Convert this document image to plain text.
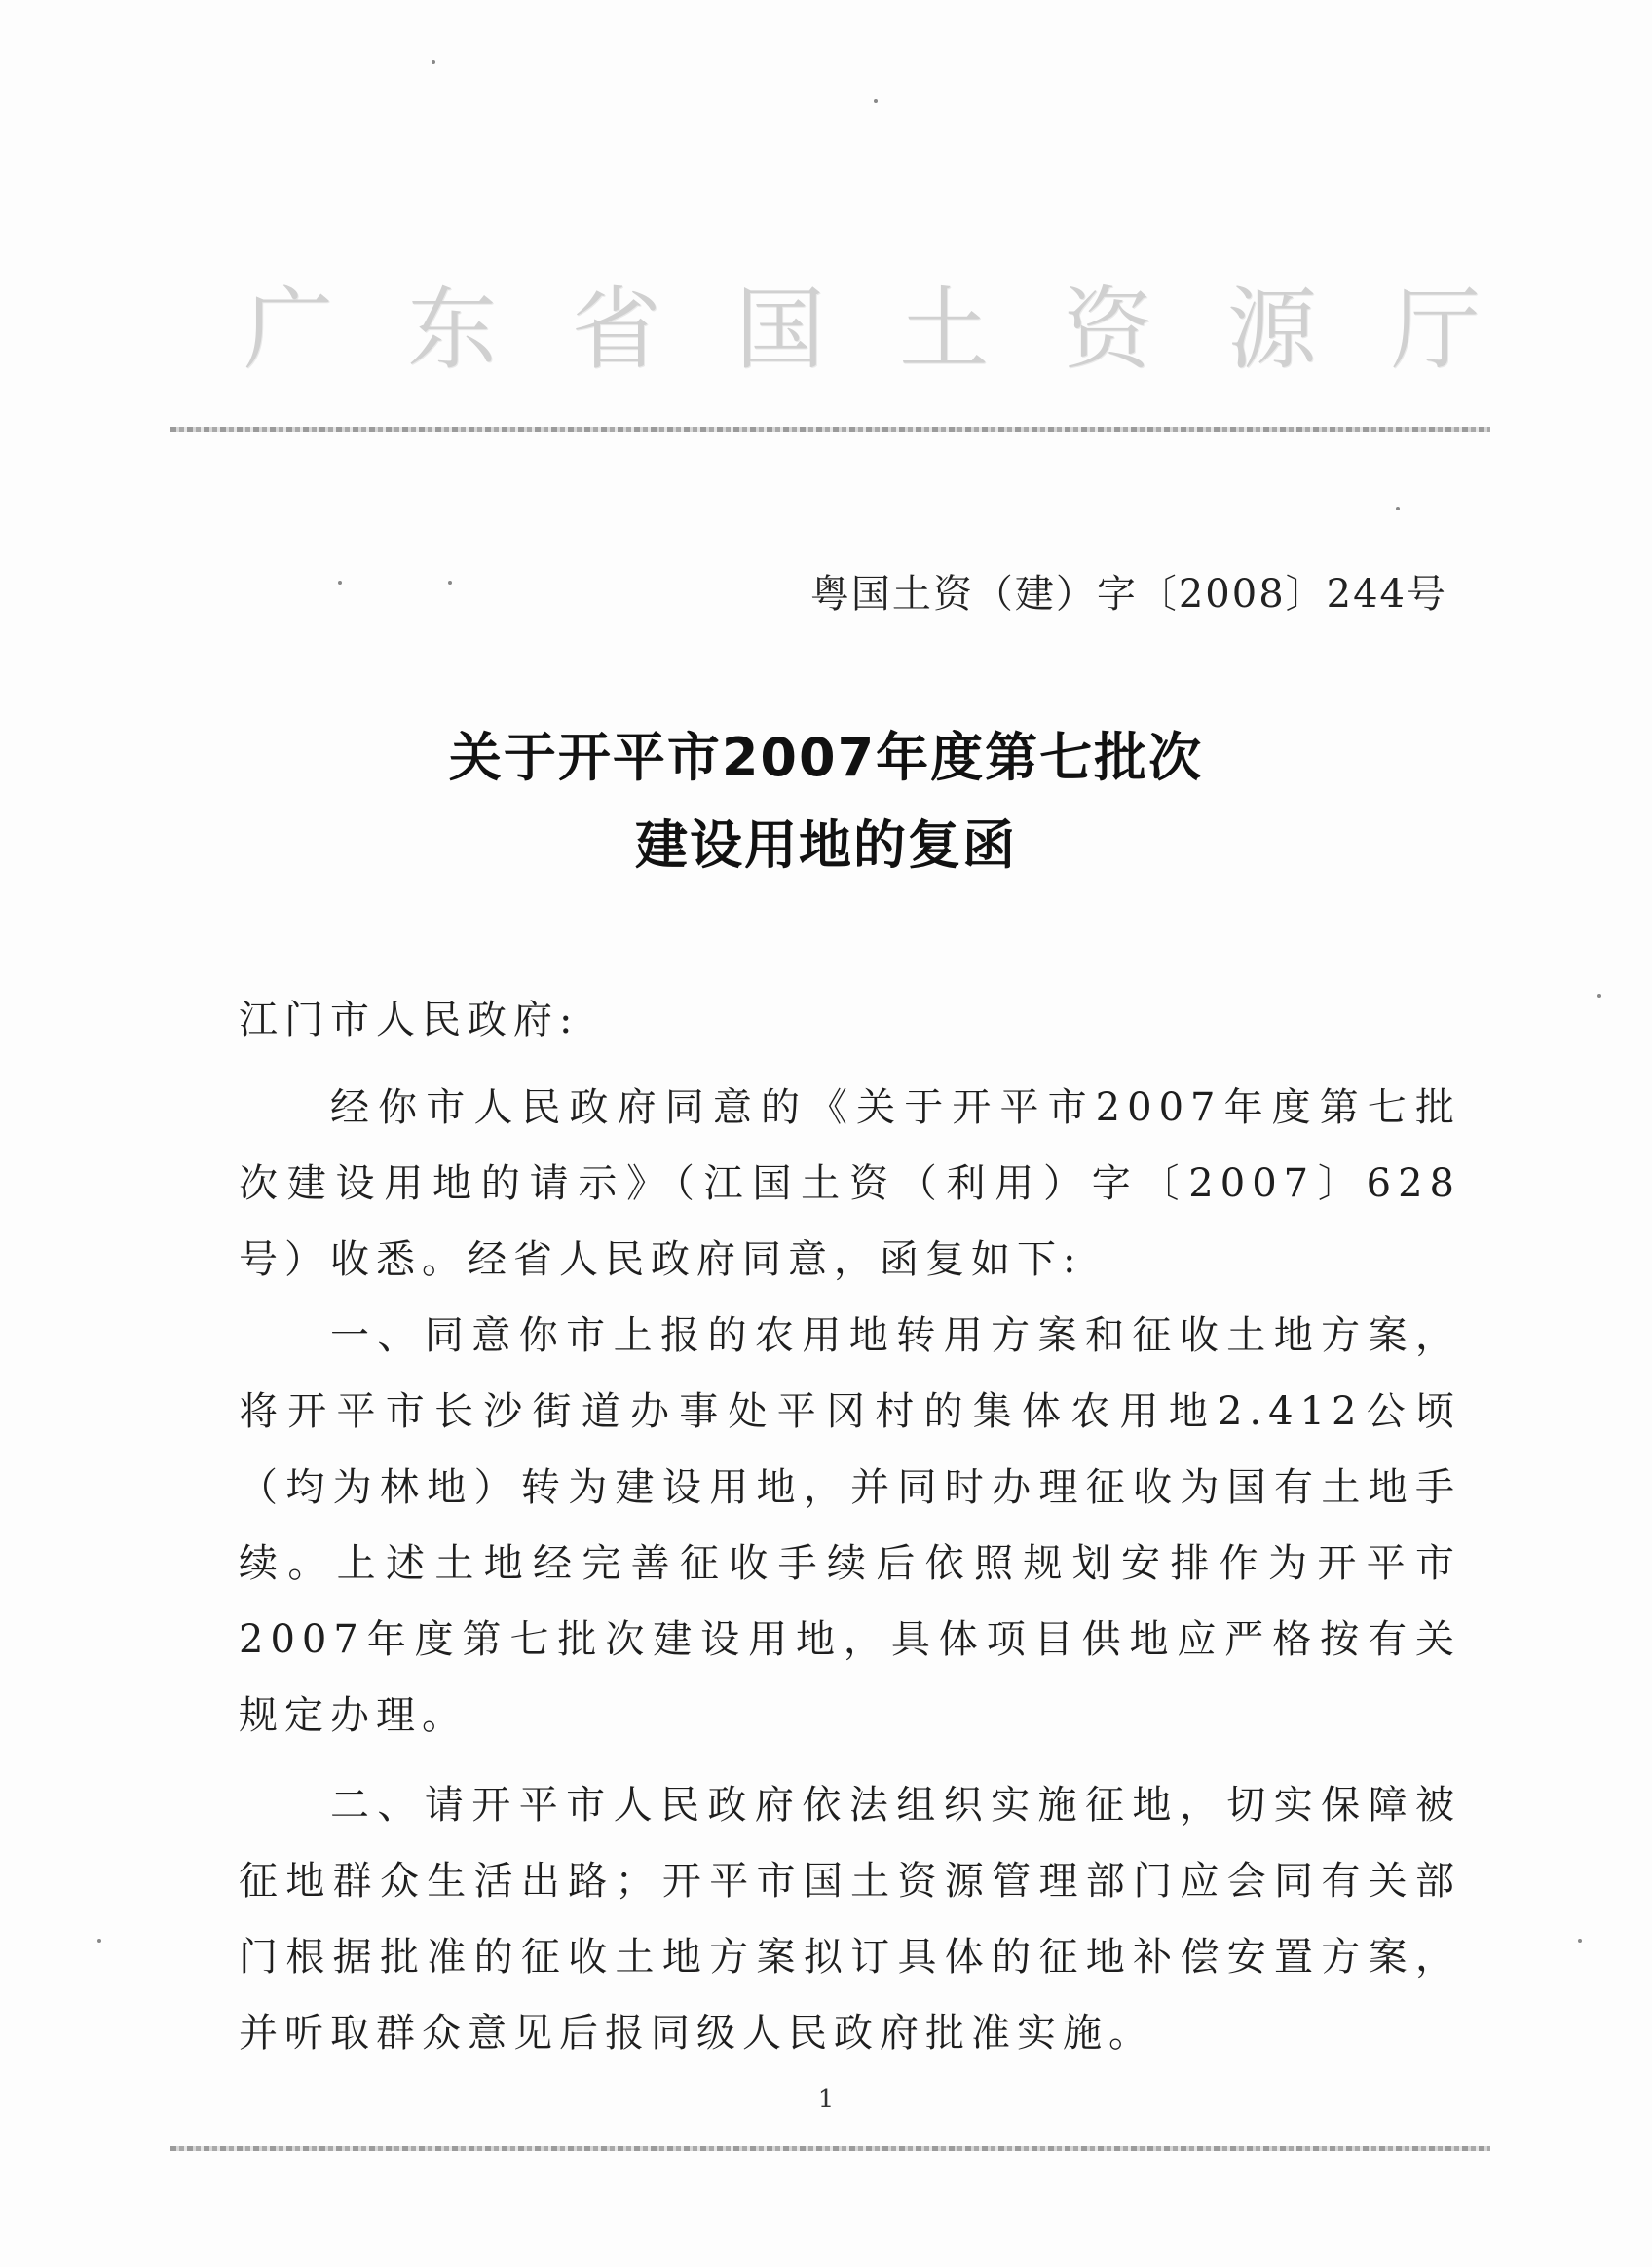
广 东 省 国 土 资 源 厅
粤国土资（建）字〔2008〕244号
关于开平市2007年度第七批次
建设用地的复函

江门市人民政府:

经你市人民政府同意的《关于开平市2007年度第七批次建设用地的请示》（江国土资（利用）字〔2007〕628号）收悉。经省人民政府同意，函复如下:

一、同意你市上报的农用地转用方案和征收土地方案，将开平市长沙街道办事处平冈村的集体农用地2.412公顷（均为林地）转为建设用地，并同时办理征收为国有土地手续。上述土地经完善征收手续后依照规划安排作为开平市2007年度第七批次建设用地，具体项目供地应严格按有关规定办理。

二、请开平市人民政府依法组织实施征地，切实保障被征地群众生活出路；开平市国土资源管理部门应会同有关部门根据批准的征收土地方案拟订具体的征地补偿安置方案，并听取群众意见后报同级人民政府批准实施。

1
